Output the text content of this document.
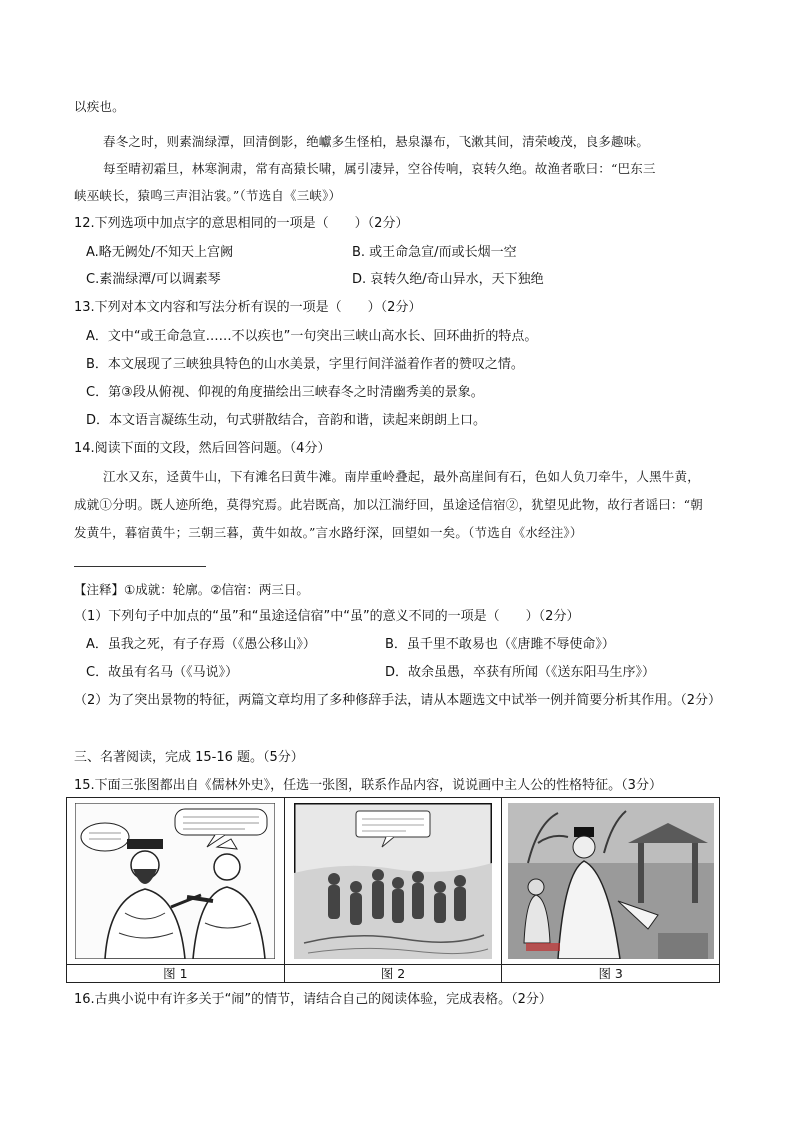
以疾也。
春冬之时，则素湍绿潭，回清倒影，绝巘多生怪柏，悬泉瀑布，飞漱其间，清荣峻茂，良多趣味。
每至晴初霜旦，林寒涧肃，常有高猿长啸，属引凄异，空谷传响，哀转久绝。故渔者歌曰：“巴东三
峡巫峡长，猿鸣三声泪沾裳。”（节选自《三峡》）
12.下列选项中加点字的意思相同的一项是（　　）（2分）
A.略无阙处/不知天上宫阙	B. 或王命急宣/而或长烟一空
C.素湍绿潭/可以调素琴	D. 哀转久绝/奇山异水，天下独绝
13.下列对本文内容和写法分析有误的一项是（　　）（2分）
A．文中“或王命急宣……不以疾也”一句突出三峡山高水长、回环曲折的特点。
B．本文展现了三峡独具特色的山水美景，字里行间洋溢着作者的赞叹之情。
C．第③段从俯视、仰视的角度描绘出三峡春冬之时清幽秀美的景象。
D．本文语言凝练生动，句式骈散结合，音韵和谐，读起来朗朗上口。
14.阅读下面的文段，然后回答问题。（4分）
江水又东，迳黄牛山，下有滩名曰黄牛滩。南岸重岭叠起，最外高崖间有石，色如人负刀牵牛，人黑牛黄，
成就①分明。既人迹所绝，莫得究焉。此岩既高，加以江湍纡回，虽途迳信宿②，犹望见此物，故行者谣曰：“朝
发黄牛，暮宿黄牛；三朝三暮，黄牛如故。”言水路纡深，回望如一矣。（节选自《水经注》）
【注释】①成就：轮廓。②信宿：两三日。
（1）下列句子中加点的“虽”和“虽途迳信宿”中“虽”的意义不同的一项是（　　）（2分）
A．虽我之死，有子存焉（《愚公移山》）	B．虽千里不敢易也（《唐雎不辱使命》）
C．故虽有名马（《马说》）	D．故余虽愚，卒获有所闻（《送东阳马生序》）
（2）为了突出景物的特征，两篇文章均用了多种修辞手法，请从本题选文中试举一例并简要分析其作用。（2分）
三、名著阅读，完成 15-16 题。（5分）
15.下面三张图都出自《儒林外史》，任选一张图，联系作品内容，说说画中主人公的性格特征。（3分）

图 1	图 2	图 3
16.古典小说中有许多关于“闹”的情节，请结合自己的阅读体验，完成表格。（2分）
